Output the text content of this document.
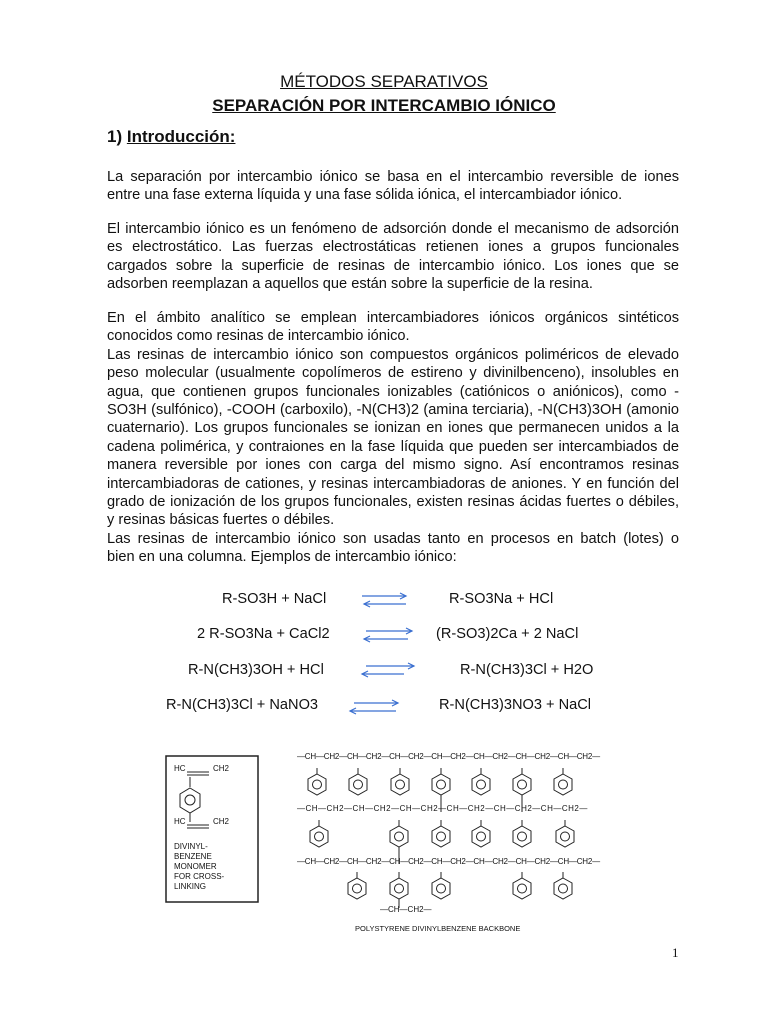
MÉTODOS SEPARATIVOS
SEPARACIÓN POR INTERCAMBIO IÓNICO
1) Introducción:
La separación por intercambio iónico se basa en el intercambio reversible de iones
entre una fase externa líquida y una fase sólida iónica, el intercambiador iónico.
El intercambio iónico es un fenómeno de adsorción donde el mecanismo de adsorción
es electrostático. Las fuerzas electrostáticas retienen iones a grupos funcionales
cargados sobre la superficie de resinas de intercambio iónico. Los iones que se
adsorben reemplazan a aquellos que están sobre la superficie de la resina.
En el ámbito analítico se emplean intercambiadores iónicos orgánicos sintéticos
conocidos como resinas de intercambio iónico.
Las resinas de intercambio iónico son compuestos orgánicos poliméricos de elevado
peso molecular (usualmente copolímeros de estireno y divinilbenceno), insolubles en
agua, que contienen grupos funcionales ionizables (catiónicos o aniónicos), como -
SO3H (sulfónico), -COOH (carboxilo), -N(CH3)2 (amina terciaria), -N(CH3)3OH (amonio
cuaternario). Los grupos funcionales se ionizan en iones que permanecen unidos a la
cadena polimérica, y contraiones en la fase líquida que pueden ser intercambiados de
manera reversible por iones con carga del mismo signo. Así encontramos resinas
intercambiadoras de cationes, y resinas intercambiadoras de aniones. Y en función del
grado de ionización de los grupos funcionales, existen resinas ácidas fuertes o débiles,
y resinas básicas fuertes o débiles.
Las resinas de intercambio iónico son usadas tanto en procesos en batch (lotes) o
bien en una columna. Ejemplos de intercambio iónico:
R-SO3H + NaCl	R-SO3Na + HCl
2 R-SO3Na + CaCl2	(R-SO3)2Ca + 2 NaCl
R-N(CH3)3OH + HCl	R-N(CH3)3Cl + H2O
R-N(CH3)3Cl + NaNO3	R-N(CH3)3NO3 + NaCl
HC	CH2
HC	CH2
DIVINYL-
BENZENE
MONOMER
FOR CROSS-
LINKING
—CH—CH2—CH—CH2—CH—CH2—CH—CH2—CH—CH2—CH—CH2—CH—CH2—
—CH—CH2—CH—CH2—CH—CH2—CH—CH2—CH—CH2—CH—CH2—
—CH—CH2—CH—CH2—CH—CH2—CH—CH2—CH—CH2—CH—CH2—CH—CH2—
—CH—CH2—
POLYSTYRENE DIVINYLBENZENE BACKBONE
1
